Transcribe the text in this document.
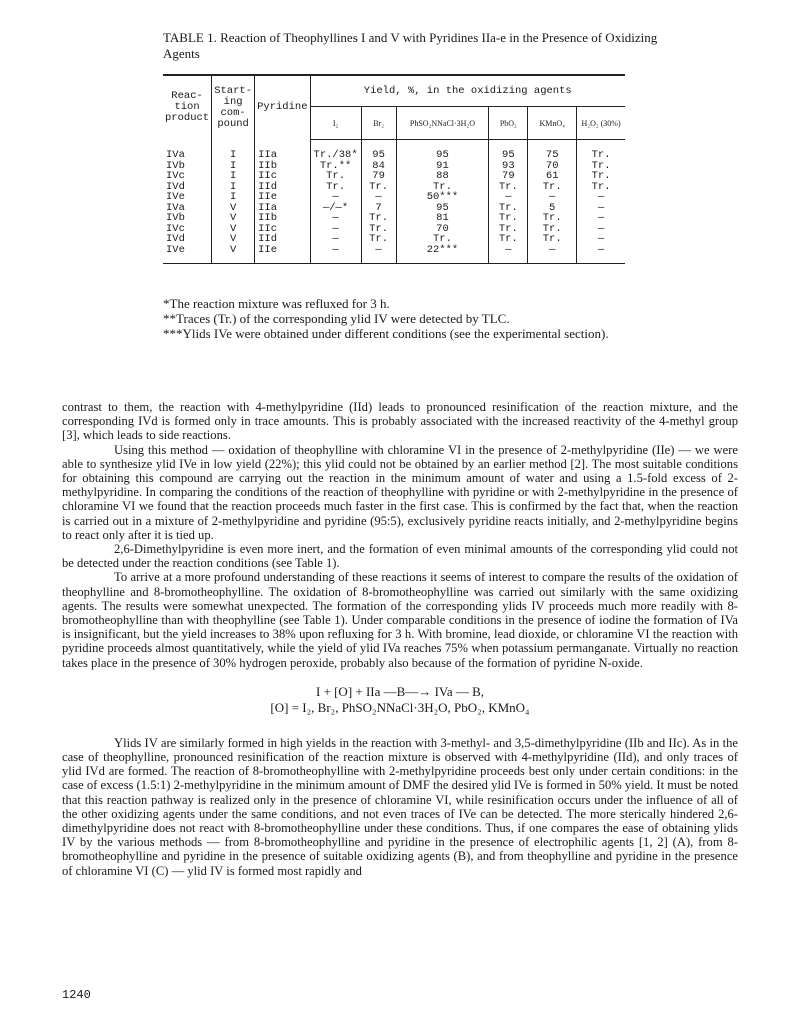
TABLE 1. Reaction of Theophyllines I and V with Pyridines IIa-e in the Presence of Oxidizing Agents
Reac- tion product	Start- ing com- pound	Pyridine	Yield, %, in the oxidizing agents					
			I₂	Br₂	PhSO₂NNaCl·3H₂O	PbO₂	KMnO₄	H₂O₂ (30%)
IVa	I	IIa	Tr./38*	95	95	95	75	Tr.
IVb	I	IIb	Tr.**	84	91	93	70	Tr.
IVc	I	IIc	Tr.	79	88	79	61	Tr.
IVd	I	IId	Tr.	Tr.	Tr.	Tr.	Tr.	Tr.
IVe	I	IIe	—	—	50***	—	—	—
IVa	V	IIa	—/—*	7	95	Tr.	5	—
IVb	V	IIb	—	Tr.	81	Tr.	Tr.	—
IVc	V	IIc	—	Tr.	70	Tr.	Tr.	—
IVd	V	IId	—	Tr.	Tr.	Tr.	Tr.	—
IVe	V	IIe	—	—	22***	—	—	—

*The reaction mixture was refluxed for 3 h.

**Traces (Tr.) of the corresponding ylid IV were detected by TLC.

***Ylids IVe were obtained under different conditions (see the experimental section).

contrast to them, the reaction with 4-methylpyridine (IId) leads to pronounced resinification of the reaction mixture, and the corresponding IVd is formed only in trace amounts. This is probably associated with the increased reactivity of the 4-methyl group [3], which leads to side reactions.

Using this method — oxidation of theophylline with chloramine VI in the presence of 2-methylpyridine (IIe) — we were able to synthesize ylid IVe in low yield (22%); this ylid could not be obtained by an earlier method [2]. The most suitable conditions for obtaining this compound are carrying out the reaction in the minimum amount of water and using a 1.5-fold excess of 2-methylpyridine. In comparing the conditions of the reaction of theophylline with pyridine or with 2-methylpyridine in the presence of chloramine VI we found that the reaction proceeds much faster in the first case. This is confirmed by the fact that, when the reaction is carried out in a mixture of 2-methylpyridine and pyridine (95:5), exclusively pyridine reacts initially, and 2-methylpyridine begins to react only after it is tied up.

2,6-Dimethylpyridine is even more inert, and the formation of even minimal amounts of the corresponding ylid could not be detected under the reaction conditions (see Table 1).

To arrive at a more profound understanding of these reactions it seems of interest to compare the results of the oxidation of theophylline and 8-bromotheophylline. The oxidation of 8-bromotheophylline was carried out similarly with the same oxidizing agents. The results were somewhat unexpected. The formation of the corresponding ylids IV proceeds much more readily with 8-bromotheophylline than with theophylline (see Table 1). Under comparable conditions in the presence of iodine the formation of IVa is insignificant, but the yield increases to 38% upon refluxing for 3 h. With bromine, lead dioxide, or chloramine VI the reaction with pyridine proceeds almost quantitatively, while the yield of ylid IVa reaches 75% when potassium permanganate. Virtually no reaction takes place in the presence of 30% hydrogen peroxide, probably also because of the formation of pyridine N-oxide.

I + [O] + IIa —B—→ IVa — B,
[O] = I₂, Br₂, PhSO₂NNaCl·3H₂O, PbO₂, KMnO₄

Ylids IV are similarly formed in high yields in the reaction with 3-methyl- and 3,5-dimethylpyridine (IIb and IIc). As in the case of theophylline, pronounced resinification of the reaction mixture is observed with 4-methylpyridine (IId), and only traces of ylid IVd are formed. The reaction of 8-bromotheophylline with 2-methylpyridine proceeds best only under certain conditions: in the case of excess (1.5:1) 2-methylpyridine in the minimum amount of DMF the desired ylid IVe is formed in 50% yield. It must be noted that this reaction pathway is realized only in the presence of chloramine VI, while resinification occurs under the influence of all of the other oxidizing agents under the same conditions, and not even traces of IVe can be detected. The more sterically hindered 2,6-dimethylpyridine does not react with 8-bromotheophylline under these conditions. Thus, if one compares the ease of obtaining ylids IV by the various methods — from 8-bromotheophylline and pyridine in the presence of electrophilic agents [1, 2] (A), from 8-bromotheophylline and pyridine in the presence of suitable oxidizing agents (B), and from theophylline and pyridine in the presence of chloramine VI (C) — ylid IV is formed most rapidly and

1240
